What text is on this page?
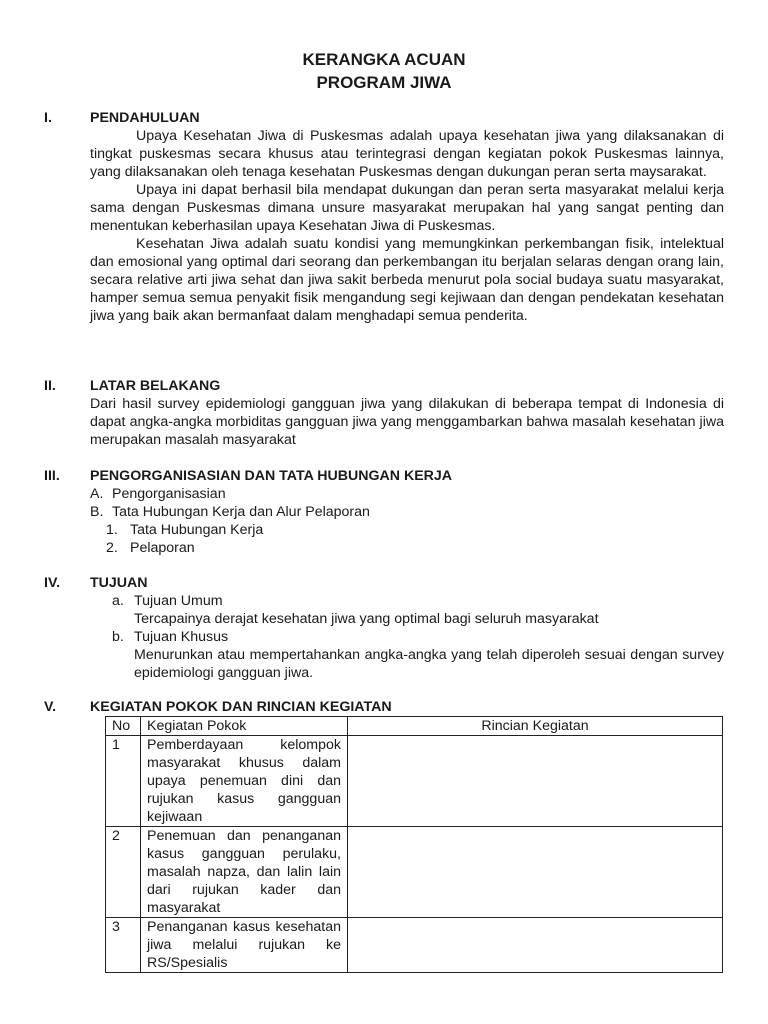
KERANGKA ACUAN
PROGRAM JIWA
I.	PENDAHULUAN

Upaya Kesehatan Jiwa di Puskesmas adalah upaya kesehatan jiwa yang dilaksanakan di tingkat puskesmas secara khusus atau terintegrasi dengan kegiatan pokok Puskesmas lainnya, yang dilaksanakan oleh tenaga kesehatan Puskesmas dengan dukungan peran serta maysarakat.

Upaya ini dapat berhasil bila mendapat dukungan dan peran serta masyarakat melalui kerja sama dengan Puskesmas dimana unsure masyarakat merupakan hal yang sangat penting dan menentukan keberhasilan upaya Kesehatan Jiwa di Puskesmas.

Kesehatan Jiwa adalah suatu kondisi yang memungkinkan perkembangan fisik, intelektual dan emosional yang optimal dari seorang dan perkembangan itu berjalan selaras dengan orang lain, secara relative arti jiwa sehat dan jiwa sakit berbeda menurut pola social budaya suatu masyarakat, hamper semua semua penyakit fisik mengandung segi kejiwaan dan dengan pendekatan kesehatan jiwa yang baik akan bermanfaat dalam menghadapi semua penderita.

II.	LATAR BELAKANG

Dari hasil survey epidemiologi gangguan jiwa yang dilakukan di beberapa tempat di Indonesia di dapat angka-angka morbiditas gangguan jiwa yang menggambarkan bahwa masalah kesehatan jiwa merupakan masalah masyarakat

III.	PENGORGANISASIAN DAN TATA HUBUNGAN KERJA
A. Pengorganisasian
B. Tata Hubungan Kerja dan Alur Pelaporan
1. Tata Hubungan Kerja
2. Pelaporan
IV.	TUJUAN
a. Tujuan Umum
Tercapainya derajat kesehatan jiwa yang optimal bagi seluruh masyarakat
b. Tujuan Khusus
Menurunkan atau mempertahankan angka-angka yang telah diperoleh sesuai dengan survey epidemiologi gangguan jiwa.
V.	KEGIATAN POKOK DAN RINCIAN KEGIATAN
No	Kegiatan Pokok	Rincian Kegiatan
1	Pemberdayaan kelompok masyarakat khusus dalam upaya penemuan dini dan rujukan kasus gangguan kejiwaan	
2	Penemuan dan penanganan kasus gangguan perulaku, masalah napza, dan lalin lain dari rujukan kader dan masyarakat	
3	Penanganan kasus kesehatan jiwa melalui rujukan ke RS/Spesialis	
